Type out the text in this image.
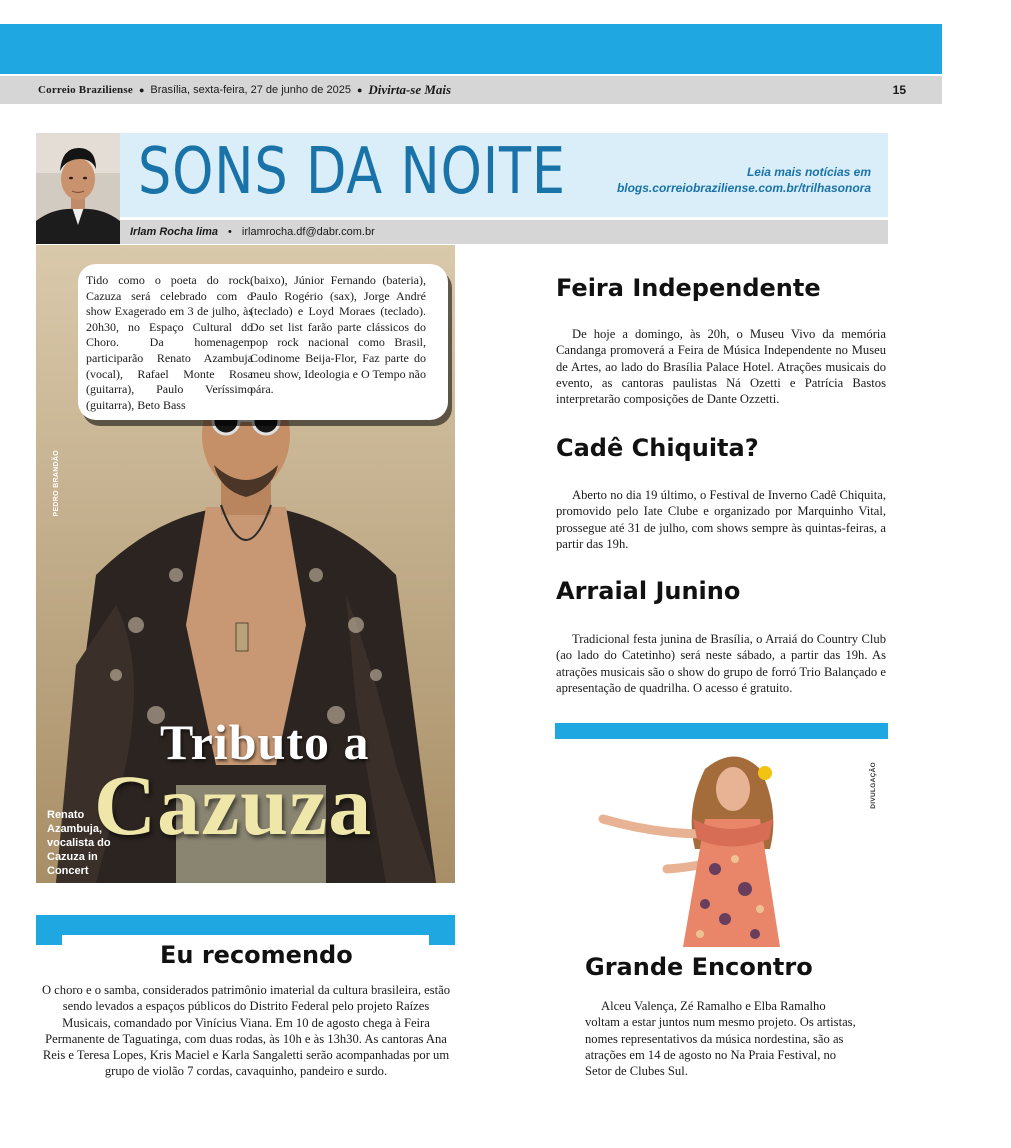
Correio Braziliense ● Brasília, sexta-feira, 27 de junho de 2025 ● Divirta-se Mais	15
SONS DA NOITE	Leia mais notícias em
blogs.correiobraziliense.com.br/trilhasonora
Irlam Rocha lima • irlamrocha.df@dabr.com.br
Tido como o poeta do rock, Cazuza será celebrado com o show Exagerado em 3 de julho, às 20h30, no Espaço Cultural do Choro. Da homenagem participarão Renato Azambuja (vocal), Rafael Monte Rosa (guitarra), Paulo Veríssimo (guitarra), Beto Bass
(baixo), Júnior Fernando (bateria), Paulo Rogério (sax), Jorge André (teclado) e Loyd Moraes (teclado). Do set list farão parte clássicos do pop rock nacional como Brasil, Codinome Beija-Flor, Faz parte do meu show, Ideologia e O Tempo não pára.
PEDRO BRANDÃO
Tributo a
Cazuza
Renato
Azambuja,
vocalista do
Cazuza in
Concert
Eu recomendo
O choro e o samba, considerados patrimônio imaterial da cultura brasileira, estão sendo levados a espaços públicos do Distrito Federal pelo projeto Raízes Musicais, comandado por Vinícius Viana. Em 10 de agosto chega à Feira Permanente de Taguatinga, com duas rodas, às 10h e às 13h30. As cantoras Ana Reis e Teresa Lopes, Kris Maciel e Karla Sangaletti serão acompanhadas por um grupo de violão 7 cordas, cavaquinho, pandeiro e surdo.
Feira Independente

De hoje a domingo, às 20h, o Museu Vivo da memória Candanga promoverá a Feira de Música Independente no Museu de Artes, ao lado do Brasília Palace Hotel. Atrações musicais do evento, as cantoras paulistas Ná Ozetti e Patrícia Bastos interpretarão composições de Dante Ozzetti.

Cadê Chiquita?

Aberto no dia 19 último, o Festival de Inverno Cadê Chiquita, promovido pelo Iate Clube e organizado por Marquinho Vital, prossegue até 31 de julho, com shows sempre às quintas-feiras, a partir das 19h.

Arraial Junino

Tradicional festa junina de Brasília, o Arraiá do Country Club (ao lado do Catetinho) será neste sábado, a partir das 19h. As atrações musicais são o show do grupo de forró Trio Balançado e apresentação de quadrilha. O acesso é gratuito.

DIVULGAÇÃO
Grande Encontro

Alceu Valença, Zé Ramalho e Elba Ramalho voltam a estar juntos num mesmo projeto. Os artistas, nomes representativos da música nordestina, são as atrações em 14 de agosto no Na Praia Festival, no Setor de Clubes Sul.
